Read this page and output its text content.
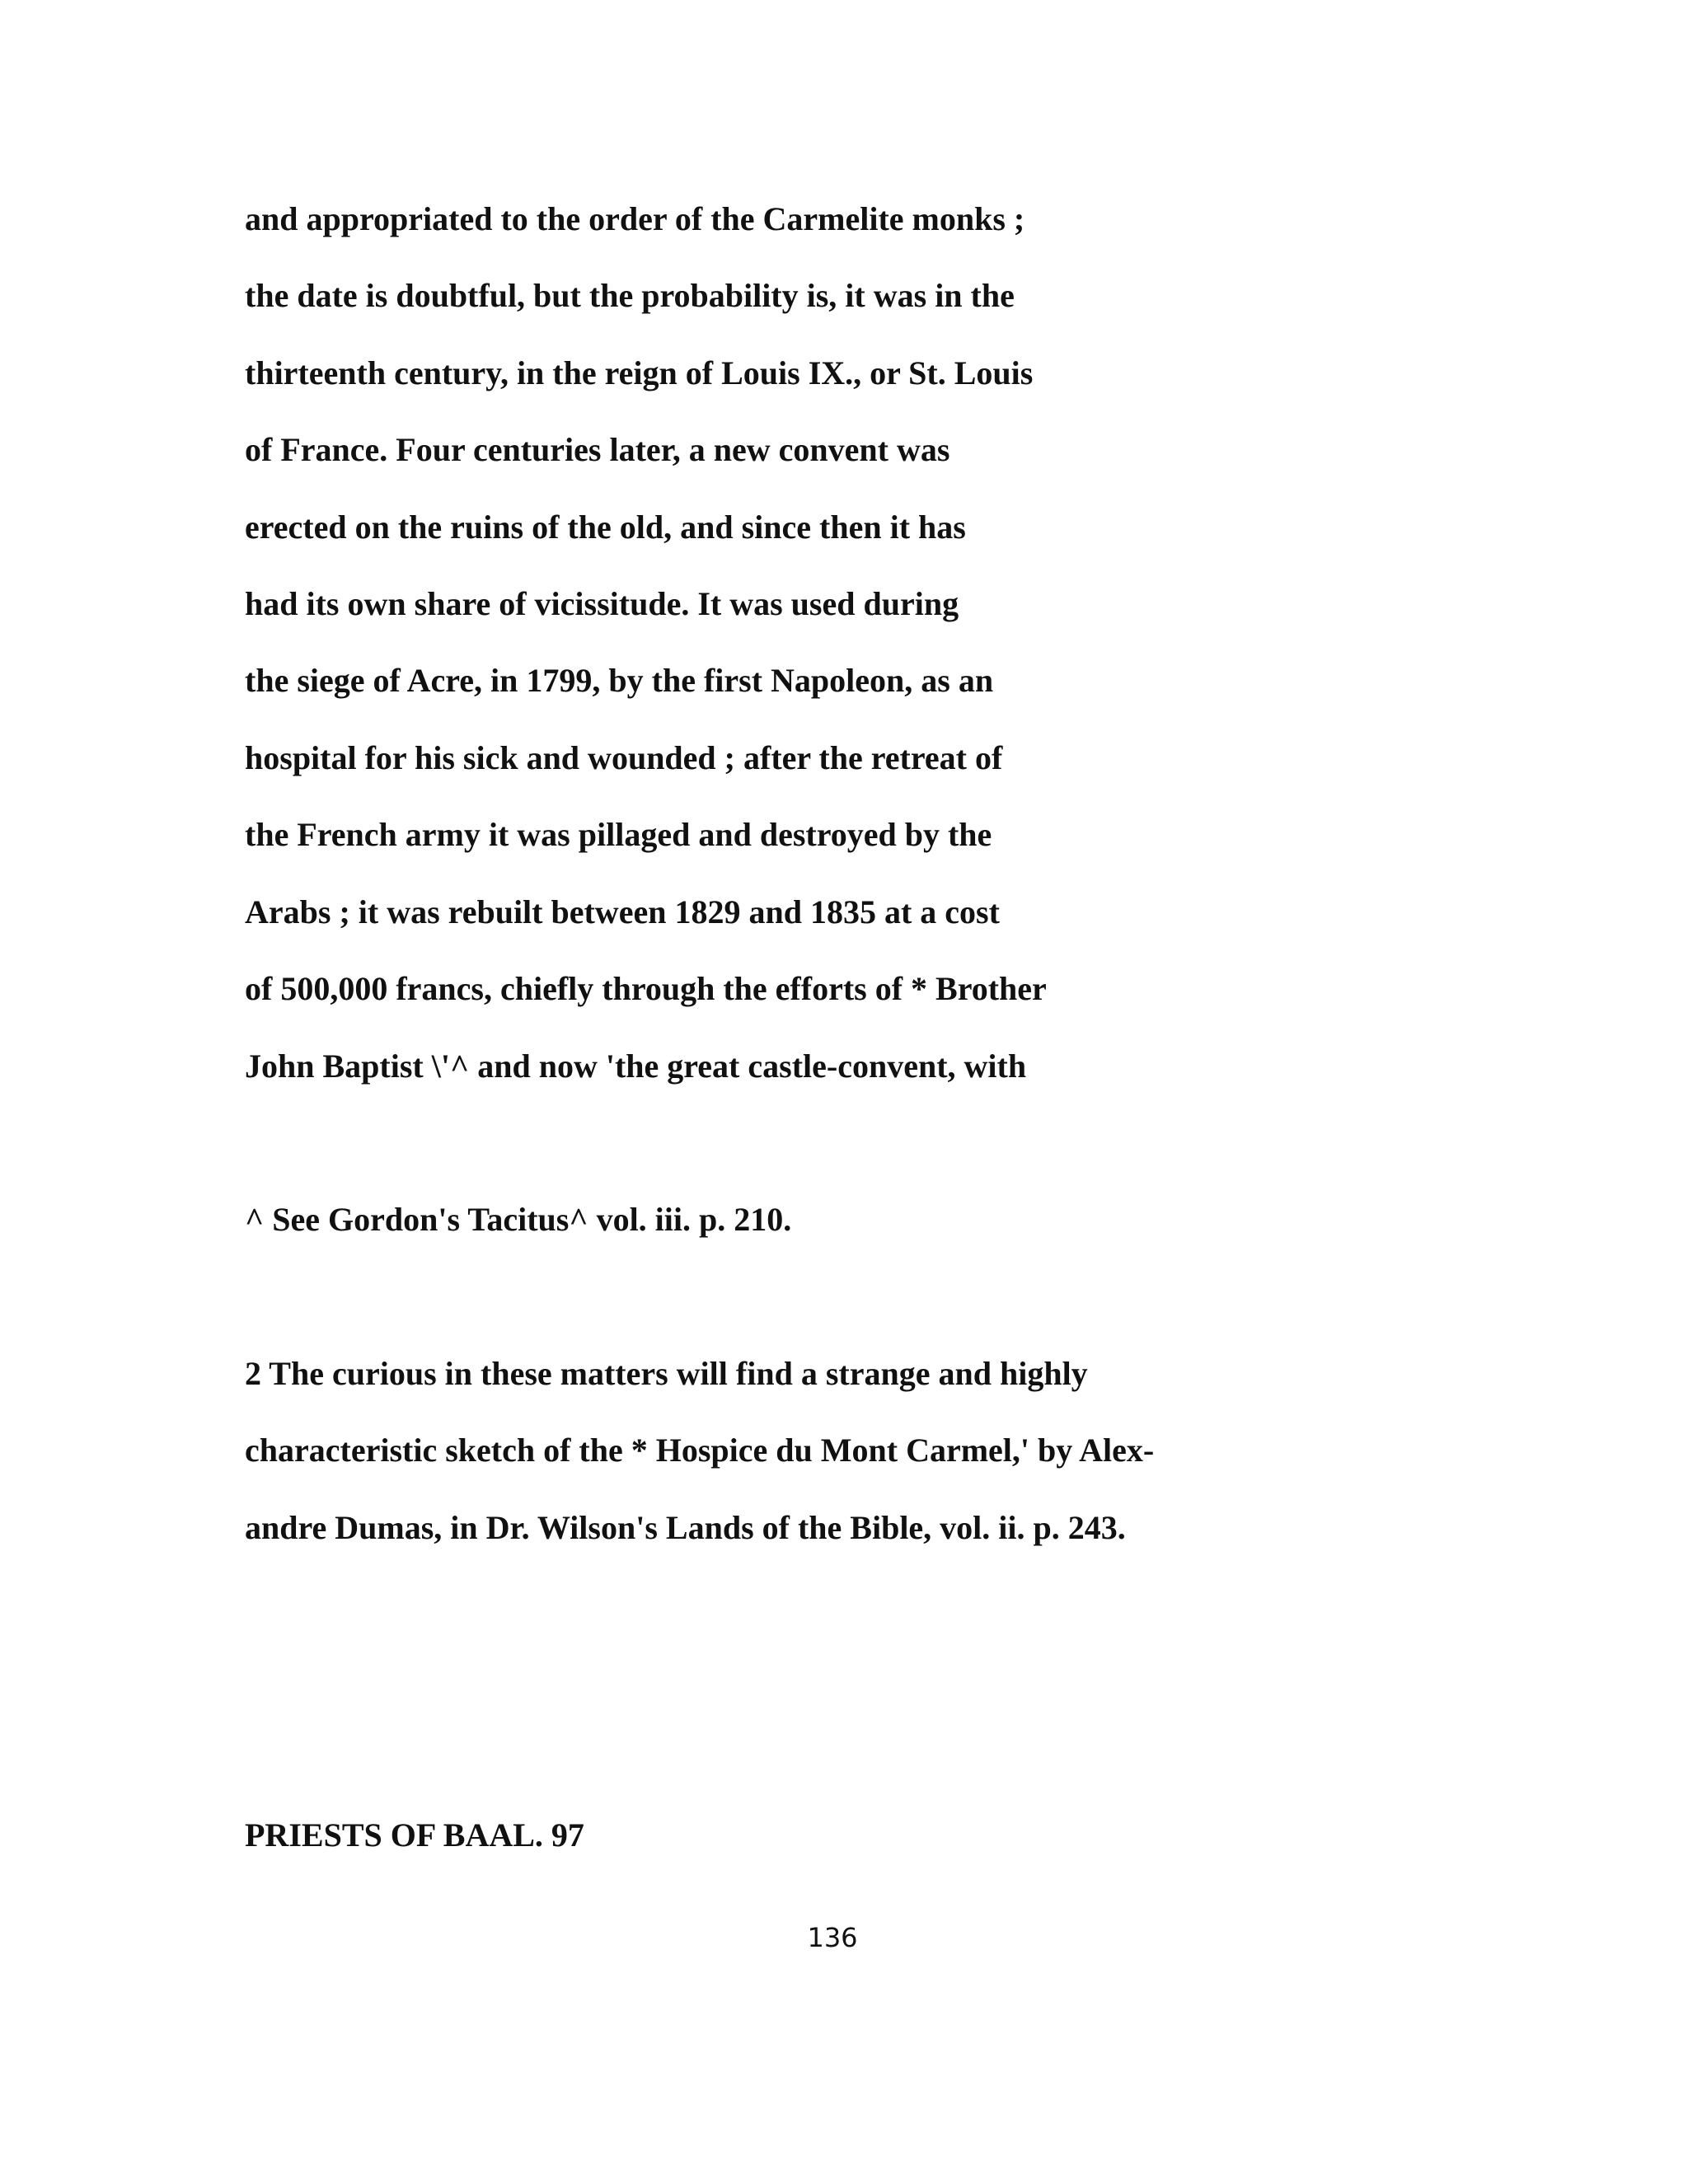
and appropriated to the order of the Carmelite monks ;
the date is doubtful, but the probability is, it was in the
thirteenth century, in the reign of Louis IX., or St. Louis
of France. Four centuries later, a new convent was
erected on the ruins of the old, and since then it has
had its own share of vicissitude. It was used during
the siege of Acre, in 1799, by the first Napoleon, as an
hospital for his sick and wounded ; after the retreat of
the French army it was pillaged and destroyed by the
Arabs ; it was rebuilt between 1829 and 1835 at a cost
of 500,000 francs, chiefly through the efforts of * Brother
John Baptist \'^ and now 'the great castle-convent, with
^ See Gordon's Tacitus^ vol. iii. p. 210.
2 The curious in these matters will find a strange and highly
characteristic sketch of the * Hospice du Mont Carmel,' by Alex-
andre Dumas, in Dr. Wilson's Lands of the Bible, vol. ii. p. 243.
PRIESTS OF BAAL. 97
136
